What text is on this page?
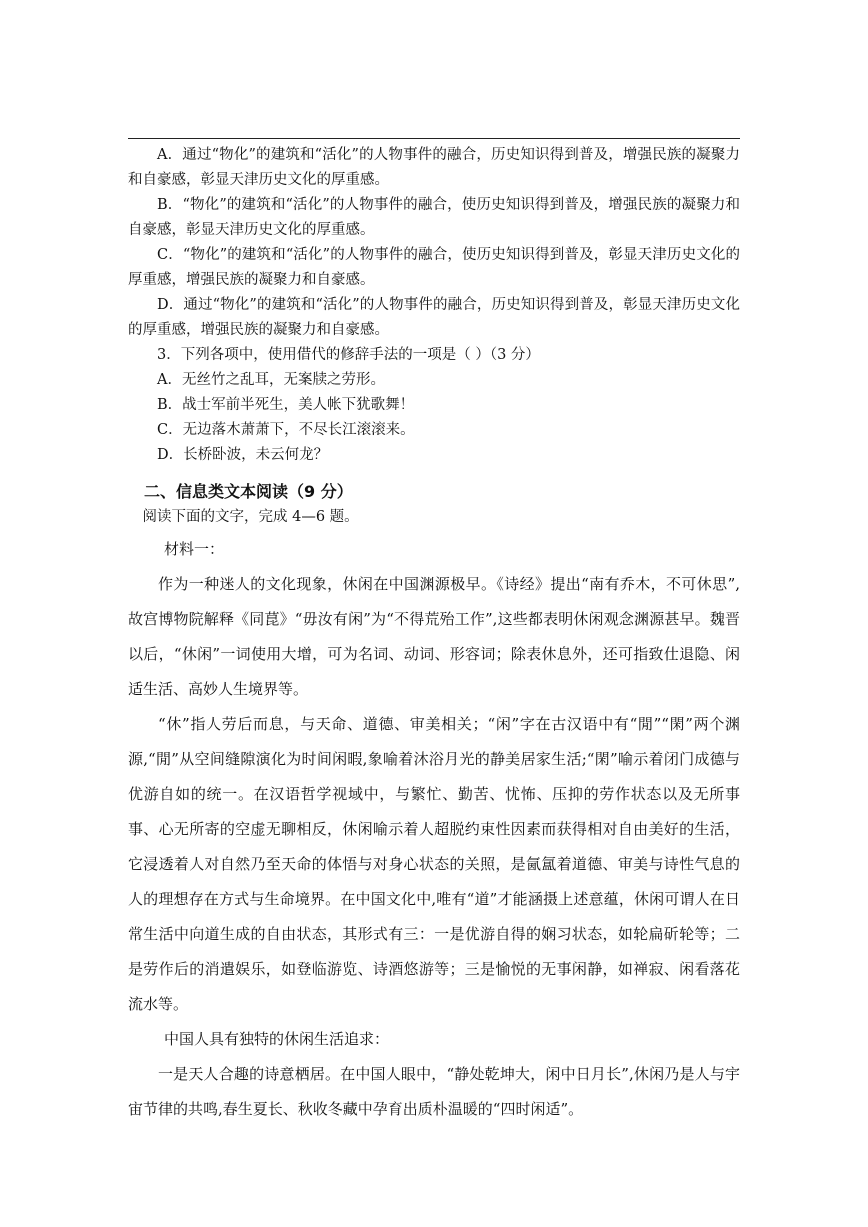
A．通过“物化”的建筑和“活化”的人物事件的融合，历史知识得到普及，增强民族的凝聚力和自豪感，彰显天津历史文化的厚重感。

B．“物化”的建筑和“活化”的人物事件的融合，使历史知识得到普及，增强民族的凝聚力和自豪感，彰显天津历史文化的厚重感。

C．“物化”的建筑和“活化”的人物事件的融合，使历史知识得到普及，彰显天津历史文化的厚重感，增强民族的凝聚力和自豪感。

D．通过“物化”的建筑和“活化”的人物事件的融合，历史知识得到普及，彰显天津历史文化的厚重感，增强民族的凝聚力和自豪感。

3．下列各项中，使用借代的修辞手法的一项是（ ）（3 分）

A．无丝竹之乱耳，无案牍之劳形。

B．战士军前半死生，美人帐下犹歌舞！

C．无边落木萧萧下，不尽长江滚滚来。

D．长桥卧波，未云何龙？

二、信息类文本阅读（9 分）

阅读下面的文字，完成 4—6 题。

材料一：

作为一种迷人的文化现象，休闲在中国渊源极早。《诗经》提出“南有乔木，不可休思”,故宫博物院解释《同菎》“毋汝有闲”为“不得荒殆工作”,这些都表明休闲观念渊源甚早。魏晋以后，“休闲”一词使用大增，可为名词、动词、形容词；除表休息外，还可指致仕退隐、闲适生活、高妙人生境界等。

“休”指人劳后而息，与天命、道德、审美相关；“闲”字在古汉语中有“閒”“閑”两个渊源,“閒”从空间缝隙演化为时间闲暇,象喻着沐浴月光的静美居家生活;“閑”喻示着闭门成德与优游自如的统一。在汉语哲学视域中，与繁忙、勤苦、忧怖、压抑的劳作状态以及无所事事、心无所寄的空虚无聊相反，休闲喻示着人超脱约束性因素而获得相对自由美好的生活，它浸透着人对自然乃至天命的体悟与对身心状态的关照，是氤氲着道德、审美与诗性气息的人的理想存在方式与生命境界。在中国文化中,唯有“道”才能涵摄上述意蕴，休闲可谓人在日常生活中向道生成的自由状态，其形式有三：一是优游自得的娴习状态，如轮扁斫轮等；二是劳作后的消遣娱乐，如登临游览、诗酒悠游等；三是愉悦的无事闲静，如禅寂、闲看落花流水等。

中国人具有独特的休闲生活追求：

一是天人合趣的诗意栖居。在中国人眼中，“静处乾坤大，闲中日月长”,休闲乃是人与宇宙节律的共鸣,春生夏长、秋收冬藏中孕育出质朴温暖的“四时闲适”。
